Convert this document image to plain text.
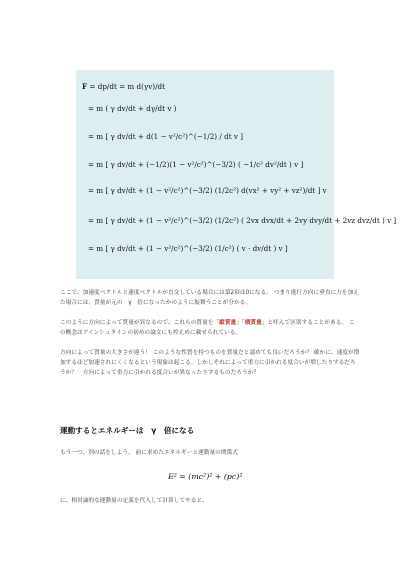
F = dp/dt = m d(γv)/dt
= m ( γ dv/dt + dγ/dt v )
= m [ γ dv/dt + d(1 − v²/c²)^(−1/2) / dt v ]
= m [ γ dv/dt + (−1/2)(1 − v²/c²)^(−3/2) ( −1/c² dv²/dt ) v ]
= m [ γ dv/dt + (1 − v²/c²)^(−3/2) (1/2c²) d(vx² + vy² + vz²)/dt ] v
= m [ γ dv/dt + (1 − v²/c²)^(−3/2) (1/2c²) ( 2vx dvx/dt + 2vy dvy/dt + 2vz dvz/dt ) v ]
= m [ γ dv/dt + (1 − v²/c²)^(−3/2) (1/c²) ( v · dv/dt ) v ]
ここで、加速度ベクトルと速度ベクトルが直交している場合には第2項は0になる。 つまり進行方向に垂直に力を加えた場合には、質量が元の　γ　倍になったかのように振舞うことが分かる。
このように方向によって質量が異なるので、これらの質量を「縦質量」「横質量」と呼んで区別することがある。 この概念はアインシュタインの初めの論文にも控えめに載せられている。
方向によって質量の大きさが違う！ このような性質を持つものを質量だと認めても良いだろうか？ 確かに、速度が増加するほど加速されにくくなるという現象は起こる。しかしそれによって重力に引かれる度合いが増したりするだろうか？　方向によって重力に引かれる度合いが異なったりするものだろうか？
運動するとエネルギーは　γ　倍になる
もう一つ、別の話をしよう。 前に求めたエネルギーと運動量の関係式
E² = (mc²)² + (pc)²
に、相対論的な運動量の定義を代入して計算してやると、
